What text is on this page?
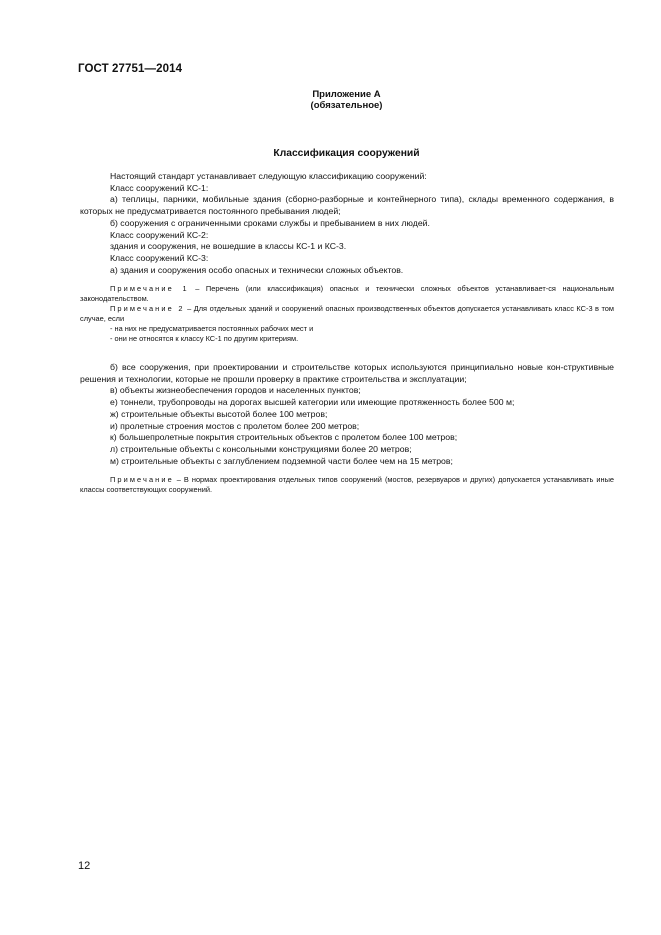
ГОСТ 27751—2014
Приложение А
(обязательное)
Классификация сооружений

Настоящий стандарт устанавливает следующую классификацию сооружений:

Класс сооружений КС-1:

а) теплицы, парники, мобильные здания (сборно-разборные и контейнерного типа), склады временного содержания, в которых не предусматривается постоянного пребывания людей;

б) сооружения с ограниченными сроками службы и пребыванием в них людей.

Класс сооружений КС-2:

здания и сооружения, не вошедшие в классы КС-1 и КС-3.

Класс сооружений КС-3:

а) здания и сооружения особо опасных и технически сложных объектов.

Примечание 1 – Перечень (или классификация) опасных и технически сложных объектов устанавливает-ся национальным законодательством.

Примечание 2 – Для отдельных зданий и сооружений опасных производственных объектов допускается устанавливать класс КС-3 в том случае, если

- на них не предусматривается постоянных рабочих мест и

- они не относятся к классу КС-1 по другим критериям.

б) все сооружения, при проектировании и строительстве которых используются принципиально новые кон-структивные решения и технологии, которые не прошли проверку в практике строительства и эксплуатации;

в) объекты жизнеобеспечения городов и населенных пунктов;

е) тоннели, трубопроводы на дорогах высшей категории или имеющие протяженность более 500 м;

ж) строительные объекты высотой более 100 метров;

и) пролетные строения мостов с пролетом более 200 метров;

к) большепролетные покрытия строительных объектов с пролетом более 100 метров;

л) строительные объекты с консольными конструкциями более 20 метров;

м) строительные объекты с заглублением подземной части более чем на 15 метров;

Примечание – В нормах проектирования отдельных типов сооружений (мостов, резервуаров и других) допускается устанавливать иные классы соответствующих сооружений.

12
